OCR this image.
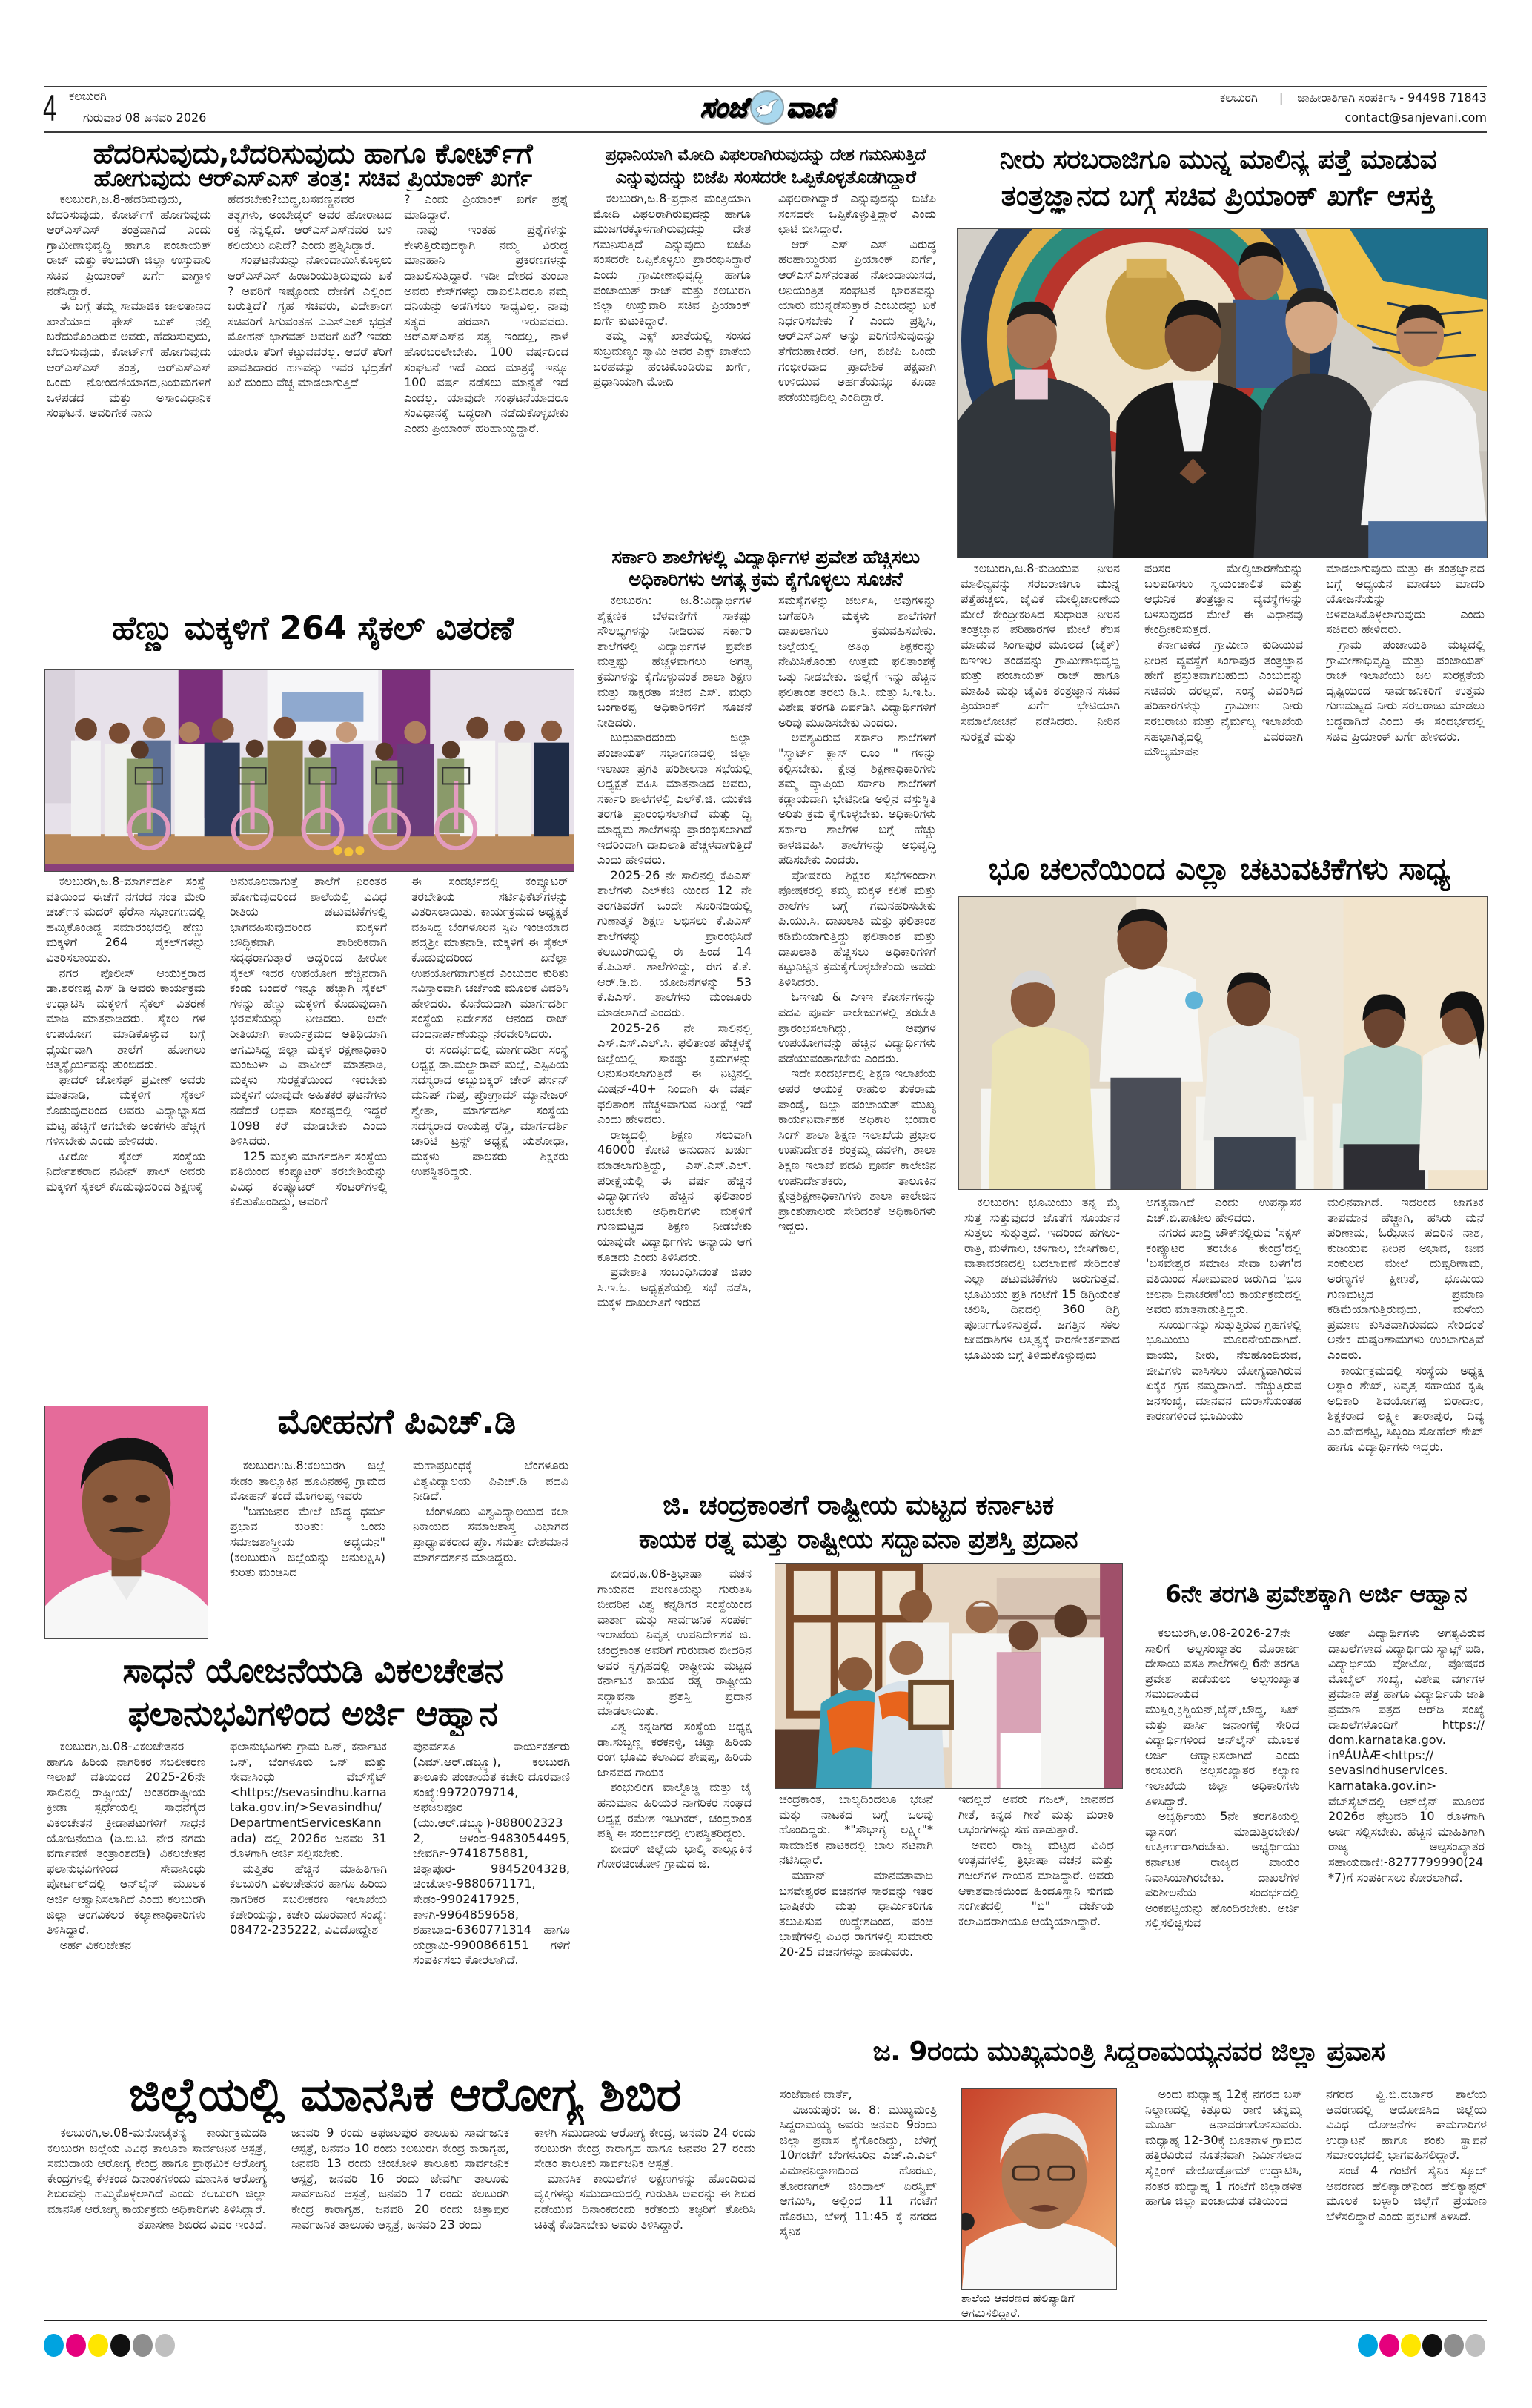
4 ಕಲಬುರಗಿ
ಗುರುವಾರ 08 ಜನವರಿ 2026	ಸಂಜೆ ವಾಣಿ	ಕಲಬುರಗಿ | ಜಾಹೀರಾತಿಗಾಗಿ ಸಂಪರ್ಕಿಸಿ - 94498 71843
contact@sanjevani.com
ಹೆದರಿಸುವುದು,ಬೆದರಿಸುವುದು ಹಾಗೂ ಕೋರ್ಟ್‌ಗೆ
ಹೋಗುವುದು ಆರ್‌ಎಸ್‌ಎಸ್ ತಂತ್ರ: ಸಚಿವ ಪ್ರಿಯಾಂಕ್ ಖರ್ಗೆ

ಕಲಬುರಗಿ,ಜ.8-ಹೆದರಿಸುವುದು, ಬೆದರಿಸುವುದು, ಕೋರ್ಟ್‌ಗೆ ಹೋಗುವುದು ಆರ್‌ಎಸ್‌ಎಸ್ ತಂತ್ರವಾಗಿದೆ ಎಂದು ಗ್ರಾಮೀಣಾಭಿವೃದ್ಧಿ ಹಾಗೂ ಪಂಚಾಯತ್ ರಾಜ್ ಮತ್ತು ಕಲಬುರಗಿ ಜಿಲ್ಲಾ ಉಸ್ತುವಾರಿ ಸಚಿವ ಪ್ರಿಯಾಂಕ್ ಖರ್ಗೆ ವಾಗ್ದಾಳಿ ನಡೆಸಿದ್ದಾರೆ.

ಈ ಬಗ್ಗೆ ತಮ್ಮ ಸಾಮಾಜಿಕ ಜಾಲತಾಣದ ಖಾತೆಯಾದ ಫೇಸ್ ಬುಕ್ ನಲ್ಲಿ ಬರೆದುಕೊಂಡಿರುವ ಅವರು, ಹೆದರಿಸುವುದು, ಬೆದರಿಸುವುದು, ಕೋರ್ಟ್‌ಗೆ ಹೋಗುವುದು ಆರ್‌ಎಸ್‌ಎಸ್ ತಂತ್ರ, ಆರ್‌ಎಸ್‌ಎಸ್ ಒಂದು ನೋಂದಣಿಯಾಗದ,ನಿಯಮಗಳಿಗೆ ಒಳಪಡದ ಮತ್ತು ಅಸಾಂವಿಧಾನಿಕ ಸಂಘಟನೆ. ಅವರಿಗೇಕೆ ನಾನು

ಹೆದರಬೇಕು?ಬುದ್ಧ,ಬಸವಣ್ಣನವರ ತತ್ವಗಳು, ಅಂಬೇಡ್ಕರ್ ಅವರ ಹೋರಾಟದ ರಕ್ತ ನನ್ನಲ್ಲಿದೆ. ಆರ್‌ಎಸ್‌ಎಸ್‌ನವರ ಬಳಿ ಕಲಿಯಲು ಏನಿದೆ? ಎಂದು ಪ್ರಶ್ನಿಸಿದ್ದಾರೆ.

ಸಂಘಟನೆಯನ್ನು ನೋಂದಾಯಿಸಿಕೊಳ್ಳಲು ಆರ್‌ಎಸ್‌ಎಸ್ ಹಿಂಜರಿಯುತ್ತಿರುವುದು ಏಕೆ ? ಅವರಿಗೆ ಇಷ್ಟೊಂದು ದೇಣಿಗೆ ಎಲ್ಲಿಂದ ಬರುತ್ತಿದೆ? ಗೃಹ ಸಚಿವರು, ವಿದೇಶಾಂಗ ಸಚಿವರಿಗೆ ಸಿಗುವಂತಹ ಎಎಸ್‌ಎಲ್ ಭದ್ರತೆ ಮೋಹನ್ ಭಾಗವತ್ ಅವರಿಗೆ ಏಕೆ? ಇವರು ಯಾರೂ ತೆರಿಗೆ ಕಟ್ಟುವವರಲ್ಲ. ಆದರೆ ತೆರಿಗೆ ಪಾವತಿದಾರರ ಹಣವನ್ನು ಇವರ ಭದ್ರತೆಗೆ ಏಕೆ ದುಂದು ವೆಚ್ಚ ಮಾಡಲಾಗುತ್ತಿದೆ

? ಎಂದು ಪ್ರಿಯಾಂಕ್ ಖರ್ಗೆ ಪ್ರಶ್ನೆ ಮಾಡಿದ್ದಾರೆ.

ನಾವು ಇಂತಹ ಪ್ರಶ್ನೆಗಳನ್ನು ಕೇಳುತ್ತಿರುವುದಕ್ಕಾಗಿ ನಮ್ಮ ವಿರುದ್ಧ ಮಾನಹಾನಿ ಪ್ರಕರಣಗಳನ್ನು ದಾಖಲಿಸುತ್ತಿದ್ದಾರೆ. ಇಡೀ ದೇಶದ ತುಂಬಾ ಅವರು ಕೇಸ್‌ಗಳನ್ನು ದಾಖಲಿಸಿದರೂ ನಮ್ಮ ದನಿಯನ್ನು ಅಡಗಿಸಲು ಸಾಧ್ಯವಿಲ್ಲ. ನಾವು ಸತ್ಯದ ಪರವಾಗಿ ಇರುವವರು. ಆರ್‌ಎಸ್‌ಎಸ್‌ನ ಸತ್ಯ ಇಂದಲ್ಲ, ನಾಳೆ ಹೊರಬರಲೇಬೇಕು. 100 ವರ್ಷದಿಂದ ಸಂಘಟನೆ ಇದೆ ಎಂದ ಮಾತ್ರಕ್ಕೆ ಇನ್ನೂ 100 ವರ್ಷ ನಡೆಸಲು ಮಾನ್ಯತೆ ಇದೆ ಎಂದಲ್ಲ. ಯಾವುದೇ ಸಂಘಟನೆಯಾದರೂ ಸಂವಿಧಾನಕ್ಕೆ ಬದ್ಧರಾಗಿ ನಡೆದುಕೊಳ್ಳಬೇಕು ಎಂದು ಪ್ರಿಯಾಂಕ್ ಹರಿಹಾಯ್ದಿದ್ದಾರೆ.

ಪ್ರಧಾನಿಯಾಗಿ ಮೋದಿ ವಿಫಲರಾಗಿರುವುದನ್ನು ದೇಶ ಗಮನಿಸುತ್ತಿದೆ
ಎನ್ನುವುದನ್ನು ಬಿಜೆಪಿ ಸಂಸದರೇ ಒಪ್ಪಿಕೊಳ್ಳತೊಡಗಿದ್ದಾರೆ

ಕಲಬುರಗಿ,ಜ.8-ಪ್ರಧಾನ ಮಂತ್ರಿಯಾಗಿ ಮೋದಿ ವಿಫಲರಾಗಿರುವುದನ್ನು ಹಾಗೂ ಮುಜಗರಕ್ಕೊಳಗಾಗಿರುವುದನ್ನು ದೇಶ ಗಮನಿಸುತ್ತಿದೆ ಎನ್ನುವುದು ಬಿಜೆಪಿ ಸಂಸದರೇ ಒಪ್ಪಿಕೊಳ್ಳಲು ಪ್ರಾರಂಭಿಸಿದ್ದಾರೆ ಎಂದು ಗ್ರಾಮೀಣಾಭಿವೃದ್ಧಿ ಹಾಗೂ ಪಂಚಾಯತ್ ರಾಜ್ ಮತ್ತು ಕಲಬುರಗಿ ಜಿಲ್ಲಾ ಉಸ್ತುವಾರಿ ಸಚಿವ ಪ್ರಿಯಾಂಕ್ ಖರ್ಗೆ ಕುಟುಕಿದ್ದಾರೆ.

ತಮ್ಮ ಎಕ್ಸ್ ಖಾತೆಯಲ್ಲಿ ಸಂಸದ ಸುಬ್ರಮಣ್ಯಂ ಸ್ವಾಮಿ ಅವರ ಎಕ್ಸ್ ಖಾತೆಯ ಬರಹವನ್ನು ಹಂಚಿಕೊಂಡಿರುವ ಖರ್ಗೆ, ಪ್ರಧಾನಿಯಾಗಿ ಮೋದಿ

ವಿಫಲರಾಗಿದ್ದಾರೆ ಎನ್ನುವುದನ್ನು ಬಿಜೆಪಿ ಸಂಸದರೇ ಒಪ್ಪಿಕೊಳ್ಳುತ್ತಿದ್ದಾರೆ ಎಂದು ಛಾಟಿ ಬೀಸಿದ್ದಾರೆ.

ಆರ್ ಎಸ್ ಎಸ್ ವಿರುದ್ಧ ಹರಿಹಾಯ್ದಿರುವ ಪ್ರಿಯಾಂಕ್ ಖರ್ಗೆ, ಆರ್‌ಎಸ್‌ಎಸ್‌ನಂತಹ ನೋಂದಾಯಿಸದ, ಅನಿಯಂತ್ರಿತ ಸಂಘಟನೆ ಭಾರತವನ್ನು ಯಾರು ಮುನ್ನಡೆಸುತ್ತಾರೆ ಎಂಬುದನ್ನು ಏಕೆ ನಿರ್ಧರಿಸಬೇಕು ? ಎಂದು ಪ್ರಶ್ನಿಸಿ, ಆರ್‌ಎಸ್‌ಎಸ್ ಅನ್ನು ಪರಿಗಣಿಸುವುದನ್ನು ತೆಗೆದುಹಾಕಿದರೆ. ಆಗ, ಬಿಜೆಪಿ ಒಂದು ಗಂಭೀರವಾದ ಪ್ರಾದೇಶಿಕ ಪಕ್ಷವಾಗಿ ಉಳಿಯುವ ಅರ್ಹತೆಯನ್ನೂ ಕೂಡಾ ಪಡೆಯುವುದಿಲ್ಲ ಎಂದಿದ್ದಾರೆ.

ಸರ್ಕಾರಿ ಶಾಲೆಗಳಲ್ಲಿ ವಿದ್ಯಾರ್ಥಿಗಳ ಪ್ರವೇಶ ಹೆಚ್ಚಿಸಲು
ಅಧಿಕಾರಿಗಳು ಅಗತ್ಯ ಕ್ರಮ ಕೈಗೊಳ್ಳಲು ಸೂಚನೆ

ಕಲಬುರಗಿ: ಜ.8:ವಿದ್ಯಾರ್ಥಿಗಳ ಶೈಕ್ಷಣಿಕ ಬೆಳವಣಿಗೆಗೆ ಸಾಕಷ್ಟು ಸೌಲಭ್ಯಗಳನ್ನು ನೀಡಿರುವ ಸರ್ಕಾರಿ ಶಾಲೆಗಳಲ್ಲಿ ವಿದ್ಯಾರ್ಥಿಗಳ ಪ್ರವೇಶ ಮತ್ತಷ್ಟು ಹೆಚ್ಚಳವಾಗಲು ಅಗತ್ಯ ಕ್ರಮಗಳನ್ನು ಕೈಗೊಳ್ಳುವಂತೆ ಶಾಲಾ ಶಿಕ್ಷಣ ಮತ್ತು ಸಾಕ್ಷರತಾ ಸಚಿವ ಎಸ್. ಮಧು ಬಂಗಾರಪ್ಪ ಅಧಿಕಾರಿಗಳಿಗೆ ಸೂಚನೆ ನೀಡಿದರು.

ಬುಧುವಾರದಂದು ಜಿಲ್ಲಾ ಪಂಚಾಯತ್ ಸಭಾಂಗಣದಲ್ಲಿ ಜಿಲ್ಲಾ ಇಲಾಖಾ ಪ್ರಗತಿ ಪರಿಶೀಲನಾ ಸಭೆಯಲ್ಲಿ ಅಧ್ಯಕ್ಷತೆ ವಹಿಸಿ ಮಾತನಾಡಿದ ಅವರು, ಸರ್ಕಾರಿ ಶಾಲೆಗಳಲ್ಲಿ ಎಲ್‌ಕೆ.ಜಿ. ಯುಕೆಜಿ ತರಗತಿ ಪ್ರಾರಂಭಿಸಲಾಗಿದೆ ಮತ್ತು ದ್ವಿ ಮಾಧ್ಯಮ ಶಾಲೆಗಳನ್ನು ಪ್ರಾರಂಭಿಸಲಾಗಿದೆ ಇದರಿಂದಾಗಿ ದಾಖಲಾತಿ ಹೆಚ್ಚಳವಾಗುತ್ತಿದೆ ಎಂದು ಹೇಳಿದರು.

2025-26 ನೇ ಸಾಲಿನಲ್ಲಿ ಕೆಪಿಎಸ್ ಶಾಲೆಗಳು ಎಲ್‌ಕೆಜಿ ಯಿಂದ 12 ನೇ ತರಗತಿವರೆಗೆ ಒಂದೇ ಸೂರಿನಡಿಯಲ್ಲಿ ಗುಣಾತ್ಮಕ ಶಿಕ್ಷಣ ಲಭಿಸಲು ಕೆ.ಪಿಎಸ್ ಶಾಲೆಗಳನ್ನು ಪ್ರಾರಂಭಿಸಿದೆ ಕಲಬುರಗಿಯಲ್ಲಿ ಈ ಹಿಂದೆ 14 ಕೆ.ಪಿಎಸ್. ಶಾಲೆಗಳಿದ್ದು, ಈಗ ಕೆ.ಕೆ. ಆರ್.ಡಿ.ಬಿ. ಯೋಜನೆಗಳನ್ನು 53 ಕೆ.ಪಿಎಸ್. ಶಾಲೆಗಳು ಮಂಜೂರು ಮಾಡಲಾಗಿದೆ ಎಂದರು.

2025-26 ನೇ ಸಾಲಿನಲ್ಲಿ ಎಸ್.ಎಸ್.ಎಲ್.ಸಿ. ಫಲಿತಾಂಶ ಹೆಚ್ಚಳಕ್ಕೆ ಜಿಲ್ಲೆಯಲ್ಲಿ ಸಾಕಷ್ಟು ಕ್ರಮಗಳನ್ನು ಅನುಸರಿಸಲಾಗುತ್ತಿದೆ ಈ ನಿಟ್ಟಿನಲ್ಲಿ ಮಿಷನ್-40+ ನಿಂದಾಗಿ ಈ ವರ್ಷ ಫಲಿತಾಂಶ ಹೆಚ್ಚಳವಾಗುವ ನಿರೀಕ್ಷೆ ಇದೆ ಎಂದು ಹೇಳಿದರು.

ರಾಜ್ಯದಲ್ಲಿ ಶಿಕ್ಷಣ ಸಲುವಾಗಿ 46000 ಕೋಟಿ ಅನುದಾನ ಖರ್ಚು ಮಾಡಲಾಗುತ್ತಿದ್ದು, ಎಸ್.ಎಸ್.ಎಲ್. ಪರೀಕ್ಷೆಯಲ್ಲಿ ಈ ವರ್ಷ ಹೆಚ್ಚಿನ ವಿದ್ಯಾರ್ಥಿಗಳು ಹೆಚ್ಚಿನ ಫಲಿತಾಂಶ ಬರಬೇಕು ಅಧಿಕಾರಿಗಳು ಮಕ್ಕಳಿಗೆ ಗುಣಮಟ್ಟದ ಶಿಕ್ಷಣ ನೀಡಬೇಕು ಯಾವುದೇ ವಿದ್ಯಾರ್ಥಿಗಳು ಅನ್ಯಾಯ ಆಗ ಕೂಡದು ಎಂದು ತಿಳಿಸಿದರು.

ಪ್ರವೇಶಾತಿ ಸಂಬಂಧಿಸಿದಂತೆ ಜಿಪಂ ಸಿ.ಇ.ಓ. ಅಧ್ಯಕ್ಷತೆಯಲ್ಲಿ ಸಭೆ ನಡೆಸಿ, ಮಕ್ಕಳ ದಾಖಲಾತಿಗೆ ಇರುವ

ಸಮಸ್ಯೆಗಳನ್ನು ಚರ್ಚಿಸಿ, ಅವುಗಳನ್ನು ಬಗೆಹರಿಸಿ ಮಕ್ಕಳು ಶಾಲೆಗಳಿಗೆ ದಾಖಲಾಗಲು ಕ್ರಮವಹಿಸಬೇಕು. ಜಿಲ್ಲೆಯಲ್ಲಿ ಅತಿಥಿ ಶಿಕ್ಷಕರನ್ನು ನೇಮಿಸಿಕೊಂಡು ಉತ್ತಮ ಫಲಿತಾಂಶಕ್ಕೆ ಒತ್ತು ನೀಡಬೇಕು. ಜಿಲ್ಲೆಗೆ ಇನ್ನು ಹೆಚ್ಚಿನ ಫಲಿತಾಂಶ ತರಲು ಡಿ.ಸಿ. ಮತ್ತು ಸಿ.ಇ.ಓ. ವಿಶೇಷ ತರಗತಿ ಏರ್ಪಡಿಸಿ ವಿದ್ಯಾರ್ಥಿಗಳಿಗೆ ಅರಿವು ಮೂಡಿಸಬೇಕು ಎಂದರು.

ಅವಶ್ಯವಿರುವ ಸರ್ಕಾರಿ ಶಾಲೆಗಳಿಗೆ "ಸ್ಮಾರ್ಟ್ ಕ್ಲಾಸ್ ರೂಂ " ಗಳನ್ನು ಕಲ್ಪಿಸಬೇಕು. ಕ್ಷೇತ್ರ ಶಿಕ್ಷಣಾಧಿಕಾರಿಗಳು ತಮ್ಮ ವ್ಯಾಪ್ತಿಯ ಸರ್ಕಾರಿ ಶಾಲೆಗಳಿಗೆ ಕಡ್ಡಾಯವಾಗಿ ಭೇಟಿನೀಡಿ ಅಲ್ಲಿನ ವಸ್ತುಸ್ಥಿತಿ ಅರಿತು ಕ್ರಮ ಕೈಗೊಳ್ಳಬೇಕು. ಅಧಿಕಾರಿಗಳು ಸರ್ಕಾರಿ ಶಾಲೆಗಳ ಬಗ್ಗೆ ಹೆಚ್ಚು ಕಾಳಜಿವಹಿಸಿ ಶಾಲೆಗಳನ್ನು ಅಭಿವೃದ್ಧಿ ಪಡಿಸಬೇಕು ಎಂದರು.

ಪೋಷಕರು ಶಿಕ್ಷಕರ ಸಭೆಗಳಿಂದಾಗಿ ಪೋಷಕರಲ್ಲಿ ತಮ್ಮ ಮಕ್ಕಳ ಕಲಿಕೆ ಮತ್ತು ಶಾಲೆಗಳ ಬಗ್ಗೆ ಗಮನಹರಿಸಬೇಕು ಪಿ.ಯು.ಸಿ. ದಾಖಲಾತಿ ಮತ್ತು ಫಲಿತಾಂಶ ಕಡಿಮೆಯಾಗುತ್ತಿದ್ದು ಫಲಿತಾಂಶ ಮತ್ತು ದಾಖಲಾತಿ ಹೆಚ್ಚಿಸಲು ಅಧಿಕಾರಿಗಳಿಗೆ ಕಟ್ಟುನಿಟ್ಟಿನ ಕ್ರಮಕೈಗೊಳ್ಳಬೇಕೆಂದು ಅವರು ತಿಳಿಸಿದರು.

ಓಇಇಖಿ & ಎಇಇ ಕೋರ್ಸಗಳನ್ನು ಪದವಿ ಪೂರ್ವ ಕಾಲೇಜುಗಳಲ್ಲಿ ತರಬೇತಿ ಪ್ರಾರಂಭಸಲಾಗಿದ್ದು, ಅವುಗಳ ಉಪಯೋಗವನ್ನು ಹೆಚ್ಚಿನ ವಿದ್ಯಾರ್ಥಿಗಳು ಪಡೆಯುವಂತಾಗಬೇಕು ಎಂದರು.

ಇದೇ ಸಂದರ್ಭದಲ್ಲಿ ಶಿಕ್ಷಣ ಇಲಾಖೆಯ ಅಪರ ಆಯುಕ್ತ ರಾಹುಲ ತುಕರಾಮ ಪಾಂಡ್ವೆ, ಜಿಲ್ಲಾ ಪಂಚಾಯತ್ ಮುಖ್ಯ ಕಾರ್ಯನಿರ್ವಾಹಕ ಅಧಿಕಾರಿ ಭಂವಾರ ಸಿಂಗ್ ಶಾಲಾ ಶಿಕ್ಷಣ ಇಲಾಖೆಯ ಪ್ರಭಾರ ಉಪನಿರ್ದೇಶಕಿ ಶಂಕ್ರಮ್ಮ ಡವಳಗಿ, ಶಾಲಾ ಶಿಕ್ಷಣ ಇಲಾಖೆ ಪದವಿ ಪೂರ್ವ ಕಾಲೇಜಿನ ಉಪನಿರ್ದೇಶಕರು, ತಾಲೂಕಿನ ಕ್ಷೇತ್ರಶಿಕ್ಷಣಾಧಿಕಾಗಿಗಳು ಶಾಲಾ ಕಾಲೇಜಿನ ಪ್ರಾಂಶುಪಾಲರು ಸೇರಿದಂತೆ ಅಧಿಕಾರಿಗಳು ಇದ್ದರು.

ನೀರು ಸರಬರಾಜಿಗೂ ಮುನ್ನ ಮಾಲಿನ್ಯ ಪತ್ತೆ ಮಾಡುವ
ತಂತ್ರಜ್ಞಾನದ ಬಗ್ಗೆ ಸಚಿವ ಪ್ರಿಯಾಂಕ್ ಖರ್ಗೆ ಆಸಕ್ತಿ

ಕಲಬುರಗಿ,ಜ.8-ಕುಡಿಯುವ ನೀರಿನ ಮಾಲಿನ್ಯವನ್ನು ಸರಬರಾಜಿಗೂ ಮುನ್ನ ಪತ್ತೆಹಚ್ಚಲು, ಜೈವಿಕ ಮೇಲ್ವಿಚಾರಣೆಯ ಮೇಲೆ ಕೇಂದ್ರೀಕರಿಸಿದ ಸುಧಾರಿತ ನೀರಿನ ತಂತ್ರಜ್ಞಾನ ಪರಿಹಾರಗಳ ಮೇಲೆ ಕೆಲಸ ಮಾಡುವ ಸಿಂಗಾಪುರ ಮೂಲದ (ಜೈಕ್) ಬಿಇಇಅ ತಂಡವನ್ನು ಗ್ರಾಮೀಣಾಭಿವೃದ್ಧಿ ಮತ್ತು ಪಂಚಾಯತ್ ರಾಜ್ ಹಾಗೂ ಮಾಹಿತಿ ಮತ್ತು ಜೈವಿಕ ತಂತ್ರಜ್ಞಾನ ಸಚಿವ ಪ್ರಿಯಾಂಕ್ ಖರ್ಗೆ ಭೇಟಿಯಾಗಿ ಸಮಾಲೋಚನೆ ನಡೆಸಿದರು. ನೀರಿನ ಸುರಕ್ಷತೆ ಮತ್ತು

ಪರಿಸರ ಮೇಲ್ವಿಚಾರಣೆಯನ್ನು ಬಲಪಡಿಸಲು ಸ್ವಯಂಚಾಲಿತ ಮತ್ತು ಆಧುನಿಕ ತಂತ್ರಜ್ಞಾನ ವ್ಯವಸ್ಥೆಗಳನ್ನು ಬಳಸುವುದರ ಮೇಲೆ ಈ ವಿಧಾನವು ಕೇಂದ್ರೀಕರಿಸುತ್ತದೆ.

ಕರ್ನಾಟಕದ ಗ್ರಾಮೀಣ ಕುಡಿಯುವ ನೀರಿನ ವ್ಯವಸ್ಥೆಗೆ ಸಿಂಗಾಪುರ ತಂತ್ರಜ್ಞಾನ ಹೇಗೆ ಪ್ರಸ್ತುತವಾಗಬಹುದು ಎಂಬುದನ್ನು ಸಚಿವರು ದರಲ್ಲದೆ, ಸಂಸ್ಥೆ ವಿವರಿಸಿದ ಪರಿಹಾರಗಳನ್ನು ಗ್ರಾಮೀಣ ನೀರು ಸರಬರಾಜು ಮತ್ತು ನೈರ್ಮಲ್ಯ ಇಲಾಖೆಯ ಸಹಭಾಗಿತ್ವದಲ್ಲಿ ವಿವರವಾಗಿ ಮೌಲ್ಯಮಾಪನ

ಮಾಡಲಾಗುವುದು ಮತ್ತು ಈ ತಂತ್ರಜ್ಞಾನದ ಬಗ್ಗೆ ಅಧ್ಯಯನ ಮಾಡಲು ಮಾದರಿ ಯೋಜನೆಯನ್ನು ಅಳವಡಿಸಿಕೊಳ್ಳಲಾಗುವುದು ಎಂದು ಸಚಿವರು ಹೇಳಿದರು.

ಗ್ರಾಮ ಪಂಚಾಯತಿ ಮಟ್ಟದಲ್ಲಿ ಗ್ರಾಮೀಣಾಭಿವೃದ್ಧಿ ಮತ್ತು ಪಂಚಾಯತ್ ರಾಜ್ ಇಲಾಖೆಯು ಜಲ ಸುರಕ್ಷತೆಯ ದೃಷ್ಟಿಯಿಂದ ಸಾರ್ವಜನಿಕರಿಗೆ ಉತ್ತಮ ಗುಣಮಟ್ಟದ ನೀರು ಸರಬರಾಜು ಮಾಡಲು ಬದ್ಧವಾಗಿದೆ ಎಂದು ಈ ಸಂದರ್ಭದಲ್ಲಿ ಸಚಿವ ಪ್ರಿಯಾಂಕ್ ಖರ್ಗೆ ಹೇಳಿದರು.

ಭೂ ಚಲನೆಯಿಂದ ಎಲ್ಲಾ ಚಟುವಟಿಕೆಗಳು ಸಾಧ್ಯ

ಕಲಬುರಗಿ: ಭೂಮಿಯು ತನ್ನ ಮೈ ಸುತ್ತ ಸುತ್ತುವುದರ ಜೊತೆಗೆ ಸೂರ್ಯನ ಸುತ್ತಲು ಸುತ್ತುತ್ತದೆ. ಇದರಿಂದ ಹಗಲು-ರಾತ್ರಿ, ಮಳೆಗಾಲ, ಚಳಿಗಾಲ, ಬೇಸಿಗೆಕಾಲ, ವಾತಾವರಣದಲ್ಲಿ ಬದಲಾವಣೆ ಸೇರಿದಂತೆ ಎಲ್ಲಾ ಚಟುವಟಿಕೆಗಳು ಜರುಗುತ್ತವೆ. ಭೂಮಿಯು ಪ್ರತಿ ಗಂಟೆಗೆ 15 ಡಿಗ್ರಿಯಂತೆ ಚಲಿಸಿ, ದಿನದಲ್ಲಿ 360 ಡಿಗ್ರಿ ಪೂರ್ಣಗೊಳಿಸುತ್ತದೆ. ಜಗತ್ತಿನ ಸಕಲ ಜೀವರಾಶಿಗಳ ಅಸ್ತಿತ್ವಕ್ಕೆ ಕಾರಣೀಕರ್ತವಾದ ಭೂಮಿಯ ಬಗ್ಗೆ ತಿಳಿದುಕೊಳ್ಳುವುದು

ಅಗತ್ಯವಾಗಿದೆ ಎಂದು ಉಪನ್ಯಾಸಕ ಎಚ್.ಬಿ.ಪಾಟೀಲ ಹೇಳಿದರು.

ನಗರದ ಖಾದ್ರಿ ಚೌಕ್‌ನಲ್ಲಿರುವ 'ಸಕ್ಸಸ್ ಕಂಪ್ಯೂಟರ ತರಬೇತಿ ಕೇಂದ್ರ'ದಲ್ಲಿ 'ಬಸವೇಶ್ವರ ಸಮಾಜ ಸೇವಾ ಬಳಗ'ದ ವತಿಯಿಂದ ಸೋಮವಾರ ಜರುಗಿದ 'ಭೂ ಚಲನಾ ದಿನಾಚರಣೆ'ಯ ಕಾರ್ಯಕ್ರಮದಲ್ಲಿ ಅವರು ಮಾತನಾಡುತ್ತಿದ್ದರು.

ಸೂರ್ಯನನ್ನು ಸುತ್ತುತ್ತಿರುವ ಗ್ರಹಗಳಲ್ಲಿ ಭೂಮಿಯು ಮೂರನೇಯದಾಗಿದೆ. ವಾಯು, ನೀರು, ನೆಲಹೊಂದಿರುವ, ಜೀವಿಗಳು ವಾಸಿಸಲು ಯೋಗ್ಯವಾಗಿರುವ ಏಕೈಕ ಗ್ರಹ ನಮ್ಮದಾಗಿದೆ. ಹೆಚ್ಚುತ್ತಿರುವ ಜನಸಂಖ್ಯೆ, ಮಾನವನ ದುರಾಸೆಯಂತಹ ಕಾರಣಗಳಿಂದ ಭೂಮಿಯು

ಮಲಿನವಾಗಿದೆ. ಇದರಿಂದ ಜಾಗತಿಕ ತಾಪಮಾನ ಹೆಚ್ಚಾಗಿ, ಹಸಿರು ಮನೆ ಪರಿಣಾಮ, ಓಝೋನ ಪದರಿನ ನಾಶ, ಕುಡಿಯುವ ನೀರಿನ ಅಭಾವ, ಜೀವ ಸಂಕುಲದ ಮೇಲೆ ದುಷ್ಪರಿಣಾಮ, ಅರಣ್ಯಗಳ ಕ್ಷೀಣತೆ, ಭೂಮಿಯ ಗುಣಮಟ್ಟದ ಪ್ರಮಾಣ ಕಡಿಮೆಯಾಗುತ್ತಿರುವುದು, ಮಳೆಯ ಪ್ರಮಾಣ ಕುಸಿತವಾಗಿರುವದು ಸೇರಿದಂತೆ ಅನೇಕ ದುಷ್ಪರಿಣಾಮಗಳು ಉಂಟಾಗುತ್ತಿವೆ ಎಂದರು.

ಕಾರ್ಯಕ್ರಮದಲ್ಲಿ ಸಂಸ್ಥೆಯ ಅಧ್ಯಕ್ಷ ಅಸ್ಲಾಂ ಶೇಖ್, ನಿವೃತ್ತ ಸಹಾಯಕ ಕೃಷಿ ಅಧಿಕಾರಿ ಶಿವಯೋಗಪ್ಪ ಬಿರಾದಾರ, ಶಿಕ್ಷಕರಾದ ಲಕ್ಷ್ಮೀ ತಾರಾಪುರ, ದಿವ್ಯ ಎಂ.ವೇದಶೆಟ್ಟಿ, ಸಿಬ್ಬಂದಿ ಸೋಹೆಲ್ ಶೇಖ್ ಹಾಗೂ ವಿದ್ಯಾರ್ಥಿಗಳು ಇದ್ದರು.

ಹೆಣ್ಣು ಮಕ್ಕಳಿಗೆ 264 ಸೈಕಲ್ ವಿತರಣೆ

ಕಲಬುರಗಿ,ಜ.8-ಮಾರ್ಗದರ್ಶಿ ಸಂಸ್ಥೆ ವತಿಯಿಂದ ಈಚೆಗೆ ನಗರದ ಸಂತ ಮೇರಿ ಚರ್ಚ್‌ನ ಮದರ್ ಥೆರೆಸಾ ಸಭಾಂಗಣದಲ್ಲಿ ಹಮ್ಮಿಕೊಂಡಿದ್ದ ಸಮಾರಂಭದಲ್ಲಿ ಹೆಣ್ಣು ಮಕ್ಕಳಿಗೆ 264 ಸೈಕಲ್‌ಗಳನ್ನು ವಿತರಿಸಲಾಯಿತು.

ನಗರ ಪೊಲೀಸ್ ಆಯುಕ್ತರಾದ ಡಾ.ಶರಣಪ್ಪ ಎಸ್ ಡಿ ಅವರು ಕಾರ್ಯಕ್ರಮ ಉದ್ಘಾಟಿಸಿ ಮಕ್ಕಳಿಗೆ ಸೈಕಲ್ ವಿತರಣೆ ಮಾಡಿ ಮಾತನಾಡಿದರು. ಸೈಕಲ ಗಳ ಉಪಯೋಗ ಮಾಡಿಕೊಳ್ಳುವ ಬಗ್ಗೆ ಧೈರ್ಯವಾಗಿ ಶಾಲೆಗೆ ಹೋಗಲು ಆತ್ಮಸ್ಥೈರ್ಯವನ್ನು ತುಂಬಿದರು.

ಫಾದರ್ ಜೋಸೆಫ್ ಪ್ರವೀಣ್ ಅವರು ಮಾತನಾಡಿ, ಮಕ್ಕಳಿಗೆ ಸೈಕಲ್ ಕೊಡುವುದರಿಂದ ಅವರು ವಿದ್ಯಾಭ್ಯಾಸದ ಮಟ್ಟ ಹೆಚ್ಚಿಗೆ ಆಗಬೇಕು ಅಂಕಗಳು ಹೆಚ್ಚಿಗೆ ಗಳಿಸಬೇಕು ಎಂದು ಹೇಳಿದರು.

ಹೀರೋ ಸೈಕಲ್ ಸಂಸ್ಥೆಯ ನಿರ್ದೇಶಕರಾದ ನವೀನ್ ಪಾಲ್ ಅವರು ಮಕ್ಕಳಿಗೆ ಸೈಕಲ್ ಕೊಡುವುದರಿಂದ ಶಿಕ್ಷಣಕ್ಕೆ

ಅನುಕೂಲವಾಗುತ್ತೆ ಶಾಲೆಗೆ ನಿರಂತರ ಹೋಗುವುದರಿಂದ ಶಾಲೆಯಲ್ಲಿ ವಿವಿಧ ರೀತಿಯ ಚಟುವಟಿಕೆಗಳಲ್ಲಿ ಭಾಗವಹಿಸುವುದರಿಂದ ಮಕ್ಕಳಿಗೆ ಬೌದ್ಧಿಕವಾಗಿ ಶಾರೀರಿಕವಾಗಿ ಸದೃಢರಾಗುತ್ತಾರೆ ಆದ್ದರಿಂದ ಹೀರೋ ಸೈಕಲ್ ಇದರ ಉಪಯೋಗ ಹೆಚ್ಚಿನದಾಗಿ ಕಂಡು ಬಂದರೆ ಇನ್ನೂ ಹೆಚ್ಚಾಗಿ ಸೈಕಲ್ ಗಳನ್ನು ಹೆಣ್ಣು ಮಕ್ಕಳಿಗೆ ಕೊಡುವುದಾಗಿ ಭರವಸೆಯನ್ನು ನೀಡಿದರು. ಅದೇ ರೀತಿಯಾಗಿ ಕಾರ್ಯಕ್ರಮದ ಅತಿಥಿಯಾಗಿ ಆಗಮಿಸಿದ್ದ ಜಿಲ್ಲಾ ಮಕ್ಕಳ ರಕ್ಷಣಾಧಿಕಾರಿ ಮಂಜುಳಾ ವಿ ಪಾಟೀಲ್ ಮಾತನಾಡಿ, ಮಕ್ಕಳು ಸುರಕ್ಷತೆಯಿಂದ ಇರಬೇಕು ಮಕ್ಕಳಿಗೆ ಯಾವುದೇ ಅಹಿತಕರ ಘಟನೆಗಳು ನಡೆದರೆ ಅಥವಾ ಸಂಕಷ್ಟದಲ್ಲಿ ಇದ್ದರೆ 1098 ಕರೆ ಮಾಡಬೇಕು ಎಂದು ತಿಳಿಸಿದರು.

125 ಮಕ್ಕಳು ಮಾರ್ಗದರ್ಶಿ ಸಂಸ್ಥೆಯ ವತಿಯಿಂದ ಕಂಪ್ಯೂಟರ್ ತರಬೇತಿಯನ್ನು ವಿವಿಧ ಕಂಪ್ಯೂಟರ್ ಸೆಂಟರ್‌ಗಳಲ್ಲಿ ಕಲಿತುಕೊಂಡಿದ್ದು, ಅವರಿಗೆ

ಈ ಸಂದರ್ಭದಲ್ಲಿ ಕಂಪ್ಯೂಟರ್ ತರಬೇತಿಯ ಸರ್ಟಿಫಿಕೆಟ್‌ಗಳನ್ನು ವಿತರಿಸಲಾಯಿತು. ಕಾರ್ಯಕ್ರಮದ ಅಧ್ಯಕ್ಷತೆ ವಹಿಸಿದ್ದ ಬೆಂಗಳೂರಿನ ಸ್ಪಿಪಿ ಇಂಡಿಯಾದ ಪದ್ಮಶ್ರೀ ಮಾತನಾಡಿ, ಮಕ್ಕಳಿಗೆ ಈ ಸೈಕಲ್ ಕೊಡುವುದರಿಂದ ಏನೆಲ್ಲಾ ಉಪಯೋಗವಾಗುತ್ತದೆ ಎಂಬುದರ ಕುರಿತು ಸವಿಸ್ತಾರವಾಗಿ ಚರ್ಚೆಯ ಮೂಲಕ ವಿವರಿಸಿ ಹೇಳಿದರು. ಕೊನೆಯದಾಗಿ ಮಾರ್ಗದರ್ಶಿ ಸಂಸ್ಥೆಯ ನಿರ್ದೇಶಕ ಆನಂದ ರಾಜ್ ವಂದನಾರ್ಪಣೆಯನ್ನು ನೆರವೇರಿಸಿದರು.

ಈ ಸಂದರ್ಭದಲ್ಲಿ ಮಾರ್ಗದರ್ಶಿ ಸಂಸ್ಥೆ ಅಧ್ಯಕ್ಷ ಡಾ.ಮಲ್ಹಾರಾವ್ ಮಲ್ಲೆ, ಎಸ್ಪಿಪಿಯ ಸದಸ್ಯರಾದ ಅಬ್ಬುಬಕ್ಕರ್ ಚೇರ್ ಪರ್ಸನ್ ಮನಿಷ್ ಗುಪ್ತ, ಪ್ರೋಗ್ರಾಮ್ ಮ್ಯಾನೇಜರ್ ಶ್ವೇತಾ, ಮಾರ್ಗದರ್ಶಿ ಸಂಸ್ಥೆಯ ಸದಸ್ಯರಾದ ರಾಯಪ್ಪ ರೆಡ್ಡಿ, ಮಾರ್ಗದರ್ಶಿ ಚಾರಿಟಿ ಟ್ರಸ್ಟ್ ಅಧ್ಯಕ್ಷೆ ಯಶೋಧಾ, ಮಕ್ಕಳು ಪಾಲಕರು ಶಿಕ್ಷಕರು ಉಪಸ್ಥಿತರಿದ್ದರು.

ಮೋಹನಗೆ ಪಿಎಚ್.ಡಿ

ಕಲಬುರಗಿ:ಜ.8:ಕಲಬುರಗಿ ಜಿಲ್ಲೆ ಸೇಡಂ ತಾಲ್ಲೂಕಿನ ಹೂವಿನಹಳ್ಳಿ ಗ್ರಾಮದ ಮೋಹನ್ ತಂದೆ ಮೊಗಲಪ್ಪ ಇವರು

"ಬಹುಜನರ ಮೇಲೆ ಬೌದ್ಧ ಧರ್ಮ ಪ್ರಭಾವ ಕುರಿತು: ಒಂದು ಸಮಾಜಶಾಸ್ತ್ರೀಯ ಅಧ್ಯಯನ" (ಕಲಬುರುಗಿ ಜಿಲ್ಲೆಯನ್ನು ಅನುಲಕ್ಷಿಸಿ) ಕುರಿತು ಮಂಡಿಸಿದ

ಮಹಾಪ್ರಬಂಧಕ್ಕೆ ಬೆಂಗಳೂರು ವಿಶ್ವವಿದ್ಯಾಲಯ ಪಿಎಚ್.ಡಿ ಪದವಿ ನೀಡಿದೆ.

ಬೆಂಗಳೂರು ವಿಶ್ವವಿದ್ಯಾಲಯದ ಕಲಾ ನಿಕಾಯದ ಸಮಾಜಶಾಸ್ತ್ರ ವಿಭಾಗದ ಪ್ರಾಧ್ಯಾಪಕರಾದ ಪ್ರೊ. ಸಮತಾ ದೇಶಮಾನೆ ಮಾರ್ಗದರ್ಶನ ಮಾಡಿದ್ದರು.

ಸಾಧನೆ ಯೋಜನೆಯಡಿ ವಿಕಲಚೇತನ
ಫಲಾನುಭವಿಗಳಿಂದ ಅರ್ಜಿ ಆಹ್ವಾನ

ಕಲಬುರಗಿ,ಜ.08-ವಿಕಲಚೇತನರ ಹಾಗೂ ಹಿರಿಯ ನಾಗರಿಕರ ಸಬಲೀಕರಣ ಇಲಾಖೆ ವತಿಯಿಂದ 2025-26ನೇ ಸಾಲಿನಲ್ಲಿ ರಾಷ್ಟ್ರೀಯ/ ಅಂತರರಾಷ್ಟ್ರೀಯ ಕ್ರೀಡಾ ಸ್ಪರ್ಧೆಯಲ್ಲಿ ಸಾಧನೆಗೈದ ವಿಕಲಚೇತನ ಕ್ರೀಡಾಪಟುಗಳಿಗೆ ಸಾಧನೆ ಯೋಜನೆಯಡಿ (ಡಿ.ಬಿ.ಟಿ. ನೇರ ನಗದು ವರ್ಗಾವಣೆ ತಂತ್ರಾಂಶದಡಿ) ವಿಕಲಚೇತನ ಫಲಾನುಭವಿಗಳಿಂದ ಸೇವಾಸಿಂಧು ಪೋರ್ಟಲ್‌ದಲ್ಲಿ ಆನ್‌ಲೈನ್ ಮೂಲಕ ಅರ್ಜಿ ಆಹ್ವಾನಿಸಲಾಗಿದೆ ಎಂದು ಕಲಬುರಗಿ ಜಿಲ್ಲಾ ಅಂಗವಿಕಲರ ಕಲ್ಯಾಣಾಧಿಕಾರಿಗಳು ತಿಳಿಸಿದ್ದಾರೆ.

ಅರ್ಹ ವಿಕಲಚೇತನ

ಫಲಾನುಭವಿಗಳು ಗ್ರಾಮ ಒನ್, ಕರ್ನಾಟಕ ಒನ್, ಬೆಂಗಳೂರು ಒನ್ ಮತ್ತು ಸೇವಾಸಿಂಧು ವೆಬ್‌ಸೈಟ್ <https://sevasindhu.karnataka.gov.in/>Sevasindhu/DepartmentServicesKannada) ದಲ್ಲಿ 2026ರ ಜನವರಿ 31 ರೊಳಗಾಗಿ ಅರ್ಜಿ ಸಲ್ಲಿಸಬೇಕು.

ಮತ್ತಿತರ ಹೆಚ್ಚಿನ ಮಾಹಿತಿಗಾಗಿ ಕಲಬುರಗಿ ವಿಕಲಚೇತನರ ಹಾಗೂ ಹಿರಿಯ ನಾಗರಿಕರ ಸಬಲೀಕರಣ ಇಲಾಖೆಯ ಕಚೇರಿಯನ್ನು, ಕಚೇರಿ ದೂರವಾಣಿ ಸಂಖ್ಯೆ: 08472-235222, ವಿವಿದೋದ್ದೇಶ

ಪುನರ್ವಸತಿ ಕಾರ್ಯಕರ್ತರು (ಎಮ್.ಆರ್.ಡಬ್ಲ್ಯೂ), ಕಲಬುರಗಿ ತಾಲೂಕು ಪಂಚಾಯತ ಕಚೇರಿ ದೂರವಾಣಿ ಸಂಖ್ಯೆ:9972079714, ಅಫಜಲಪೂರ (ಯು.ಆರ್.ಡಬ್ಲ್ಯೂ)-8880023232, ಆಳಂದ-9483054495, ಜೇವರ್ಗಿ-9741875881, ಚಿತ್ತಾಪೂರ- 9845204328, ಚಿಂಚೋಳಿ-9880671171, ಸೇಡಂ-9902417925, ಕಾಳಗಿ-9964859658, ಶಹಾಬಾದ-6360771314 ಹಾಗೂ ಯಡ್ರಾಮಿ-9900866151 ಗಳಿಗೆ ಸಂಪರ್ಕಿಸಲು ಕೋರಲಾಗಿದೆ.

ಜಿ. ಚಂದ್ರಕಾಂತಗೆ ರಾಷ್ಟ್ರೀಯ ಮಟ್ಟದ ಕರ್ನಾಟಕ
ಕಾಯಕ ರತ್ನ ಮತ್ತು ರಾಷ್ಟ್ರೀಯ ಸದ್ಭಾವನಾ ಪ್ರಶಸ್ತಿ ಪ್ರದಾನ

ಬೀದರ,ಜ.08-ತ್ರಿಭಾಷಾ ವಚನ ಗಾಯನದ ಪರಿಣತಿಯನ್ನು ಗುರುತಿಸಿ ಬೀದರಿನ ವಿಶ್ವ ಕನ್ನಡಿಗರ ಸಂಸ್ಥೆಯಿಂದ ವಾರ್ತಾ ಮತ್ತು ಸಾರ್ವಜನಿಕ ಸಂಪರ್ಕ ಇಲಾಖೆಯ ನಿವೃತ್ತ ಉಪನಿರ್ದೇಶಕ ಜಿ. ಚಂದ್ರಕಾಂತ ಅವರಿಗೆ ಗುರುವಾರ ಬೀದರಿನ ಅವರ ಸ್ವಗೃಹದಲ್ಲಿ ರಾಷ್ಟ್ರೀಯ ಮಟ್ಟದ ಕರ್ನಾಟಕ ಕಾಯಕ ರತ್ನ ರಾಷ್ಟ್ರೀಯ ಸದ್ಭಾವನಾ ಪ್ರಶಸ್ತಿ ಪ್ರದಾನ ಮಾಡಲಾಯಿತು.

ವಿಶ್ವ ಕನ್ನಡಿಗರ ಸಂಸ್ಥೆಯ ಅಧ್ಯಕ್ಷ ಡಾ.ಸುಬ್ಬಣ್ಣ ಕರಕನಳ್ಳಿ, ಚಿಟ್ಟಾ ಹಿರಿಯ ರಂಗ ಭೂಮಿ ಕಲಾವಿದ ಶೇಷಪ್ಪ, ಹಿರಿಯ ಜಾನಪದ ಗಾಯಕ

ಶಂಭುಲಿಂಗ ವಾಲ್ದೊಡ್ಡಿ ಮತ್ತು ಜೈ ಹನುಮಾನ ಹಿರಿಯರ ನಾಗರಿಕರ ಸಂಘದ ಅಧ್ಯಕ್ಷ ರಮೇಶ ಇಟಗಿಕರ್, ಚಂದ್ರಕಾಂತ ಪತ್ನಿ ಈ ಸಂದರ್ಭದಲ್ಲಿ ಉಪಸ್ಥಿತರಿದ್ದರು.

ಬೀದರ್ ಜಿಲ್ಲೆಯ ಭಾಲ್ಕಿ ತಾಲ್ಲೂಕಿನ ಗೋರಚಿಂಚೋಳಿ ಗ್ರಾಮದ ಜಿ.

ಚಂದ್ರಕಾಂತ, ಬಾಲ್ಯದಿಂದಲೂ ಭಜನೆ ಮತ್ತು ನಾಟಕದ ಬಗ್ಗೆ ಒಲವು ಹೊಂದಿದ್ದರು. *"ಸೌಭಾಗ್ಯ ಲಕ್ಷ್ಮೀ"* ಸಾಮಾಜಿಕ ನಾಟಕದಲ್ಲಿ ಬಾಲ ನಟನಾಗಿ ನಟಿಸಿದ್ದಾರೆ.

ಮಹಾನ್ ಮಾನವತಾವಾದಿ ಬಸವೇಶ್ವರರ ವಚನಗಳ ಸಾರವನ್ನು ಇತರ ಭಾಷಿಕರು ಮತ್ತು ಧಾರ್ಮಿಕರಿಗೂ ತಲುಪಿಸುವ ಉದ್ದೇಶದಿಂದ, ಪಂಚ ಭಾಷೆಗಳಲ್ಲಿ ವಿವಿಧ ರಾಗಗಳಲ್ಲಿ ಸುಮಾರು 20-25 ವಚನಗಳನ್ನು ಹಾಡುವರು.

ಇದಲ್ಲದೆ ಅವರು ಗಜಲ್, ಜಾನಪದ ಗೀತೆ, ಕನ್ನಡ ಗೀತೆ ಮತ್ತು ಮರಾಠಿ ಅಭಂಗಗಳನ್ನು ಸಹ ಹಾಡುತ್ತಾರೆ.

ಅವರು ರಾಜ್ಯ ಮಟ್ಟದ ವಿವಿಧ ಉತ್ಸವಗಳಲ್ಲಿ ತ್ರಿಭಾಷಾ ವಚನ ಮತ್ತು ಗಜಲ್‌ಗಳ ಗಾಯನ ಮಾಡಿದ್ದಾರೆ. ಅವರು ಆಕಾಶವಾಣಿಯಿಂದ ಹಿಂದೂಸ್ತಾನಿ ಸುಗಮ ಸಂಗೀತದಲ್ಲಿ "ಬಿ" ದರ್ಜೆಯ ಕಲಾವಿದರಾಗಿಯೂ ಆಯ್ಕೆಯಾಗಿದ್ದಾರೆ.

6ನೇ ತರಗತಿ ಪ್ರವೇಶಕ್ಕಾಗಿ ಅರ್ಜಿ ಆಹ್ವಾನ

ಕಲಬುರಗಿ,ಅ.08-2026-27ನೇ ಸಾಲಿಗೆ ಅಲ್ಪಸಂಖ್ಯಾತರ ಮೊರಾರ್ಜಿ ದೇಸಾಯಿ ವಸತಿ ಶಾಲೆಗಳಲ್ಲಿ 6ನೇ ತರಗತಿ ಪ್ರವೇಶ ಪಡೆಯಲು ಅಲ್ಪಸಂಖ್ಯಾತ ಸಮುದಾಯದ ಮುಸ್ಲಿಂ,ಕ್ರಿಶ್ಚಿಯನ್,ಜೈನ್,ಬೌದ್ಧ, ಸಿಖ್ ಮತ್ತು ಪಾರ್ಸಿ ಜನಾಂಗಕ್ಕೆ ಸೇರಿದ ವಿದ್ಯಾರ್ಥಿಗಳಿಂದ ಆನ್‌ಲೈನ್ ಮೂಲಕ ಅರ್ಜಿ ಆಹ್ವಾನಿಸಲಾಗಿದೆ ಎಂದು ಕಲಬುರಗಿ ಅಲ್ಪಸಂಖ್ಯಾತರ ಕಲ್ಯಾಣ ಇಲಾಖೆಯ ಜಿಲ್ಲಾ ಅಧಿಕಾರಿಗಳು ತಿಳಿಸಿದ್ದಾರೆ.

ಅಭ್ಯರ್ಥಿಯು 5ನೇ ತರಗತಿಯಲ್ಲಿ ವ್ಯಾಸಂಗ ಮಾಡುತ್ತಿರಬೇಕು/ ಉತ್ತೀರ್ಣರಾಗಿರಬೇಕು. ಅಭ್ಯರ್ಥಿಯು ಕರ್ನಾಟಕ ರಾಜ್ಯದ ಖಾಯಂ ನಿವಾಸಿಯಾಗಿರಬೇಕು. ದಾಖಲೆಗಳ ಪರಿಶೀಲನೆಯ ಸಂದರ್ಭದಲ್ಲಿ ಅಂಕಪಟ್ಟಿಯನ್ನು ಹೊಂದಿರಬೇಕು. ಅರ್ಜಿ ಸಲ್ಲಿಸಲಿಚ್ಛಿಸುವ

ಅರ್ಹ ವಿದ್ಯಾರ್ಥಿಗಳು ಅಗತ್ಯವಿರುವ ದಾಖಲೆಗಳಾದ ವಿದ್ಯಾರ್ಥಿಯ ಸ್ಯಾಟ್ಸ್ ಐಡಿ, ವಿದ್ಯಾರ್ಥಿಯ ಪೋಟೋ, ಪೋಷಕರ ಮೊಬೈಲ್ ಸಂಖ್ಯೆ, ವಿಶೇಷ ವರ್ಗಗಳ ಪ್ರಮಾಣ ಪತ್ರ ಹಾಗೂ ವಿದ್ಯಾರ್ಥಿಯ ಜಾತಿ ಪ್ರಮಾಣ ಪತ್ರದ ಆರ್‌ಡಿ ಸಂಖ್ಯೆ ದಾಖಲೆಗಳೊಂದಿಗೆ https:// dom.karnataka.gov. inºÁUÀÆ<https:// sevasindhuservices. karnataka.gov.in> ವೆಬ್‌ಸೈಟ್‌ದಲ್ಲಿ ಆನ್‌ಲೈನ್ ಮೂಲಕ 2026ರ ಫೆಬ್ರವರಿ 10 ರೊಳಗಾಗಿ ಅರ್ಜಿ ಸಲ್ಲಿಸಬೇಕು. ಹೆಚ್ಚಿನ ಮಾಹಿತಿಗಾಗಿ ರಾಜ್ಯ ಅಲ್ಪಸಂಖ್ಯಾತರ ಸಹಾಯವಾಣಿ:-8277799990(24*7)ಗೆ ಸಂಪರ್ಕಿಸಲು ಕೋರಲಾಗಿದೆ.

ಜ. 9ರಂದು ಮುಖ್ಯಮಂತ್ರಿ ಸಿದ್ದರಾಮಯ್ಯನವರ ಜಿಲ್ಲಾ ಪ್ರವಾಸ

ಸಂಜೆವಾಣಿ ವಾರ್ತೆ,

ವಿಜಯಪುರ: ಜ. 8: ಮುಖ್ಯಮಂತ್ರಿ ಸಿದ್ದರಾಮಯ್ಯ ಅವರು ಜನವರಿ 9ರಂದು ಜಿಲ್ಲಾ ಪ್ರವಾಸ ಕೈಗೊಂಡಿದ್ದು, ಬೆಳಿಗ್ಗೆ 10ಗಂಟೆಗೆ ಬೆಂಗಳೂರಿನ ಎಚ್.ಎ.ಎಲ್ ವಿಮಾನನಿಲ್ದಾಣದಿಂದ ಹೊರಟು, ತೋರಣಗಲ್ ಜಿಂದಾಲ್ ಏರಸ್ಟ್ರಿಪ್ ಆಗಮಿಸಿ, ಅಲ್ಲಿಂದ 11 ಗಂಟೆಗೆ ಹೊರಟು, ಬೆಳಿಗ್ಗೆ 11:45 ಕ್ಕೆ ನಗರದ ಸೈನಿಕ

ಶಾಲೆಯ ಆವರಣದ ಹೆಲಿಪ್ಯಾಡಿಗೆ ಆಗಮಿಸಲಿದ್ದಾರೆ.

ಅಂದು ಮಧ್ಯಾಹ್ನ 12ಕ್ಕೆ ನಗರದ ಬಸ್ ನಿಲ್ದಾಣದಲ್ಲಿ ಕಿತ್ತೂರು ರಾಣಿ ಚನ್ನಮ್ಮ ಮೂರ್ತಿ ಅನಾವರಣಗೊಳಿಸುವರು. ಮಧ್ಯಾಹ್ನ 12-30ಕ್ಕೆ ಬೂತನಾಳ ಗ್ರಾಮದ ಹತ್ತಿರವಿರುವ ನೂತನವಾಗಿ ನಿರ್ಮಿಸಲಾದ ಸೈಕ್ಲಿಂಗ್ ವೇಲೋಡ್ರೋಮ್ ಉದ್ಘಾಟಿಸಿ, ನಂತರ ಮಧ್ಯಾಹ್ನ 1 ಗಂಟೆಗೆ ಜಿಲ್ಲಾಡಳಿತ ಹಾಗೂ ಜಿಲ್ಲಾ ಪಂಚಾಯತ ವತಿಯಿಂದ

ನಗರದ ವ್ಹಿ.ಬಿ.ದರ್ಬಾರ ಶಾಲೆಯ ಆವರಣದಲ್ಲಿ ಆಯೋಜಿಸಿದ ಜಿಲ್ಲೆಯ ವಿವಿಧ ಯೋಜನೆಗಳ ಕಾಮಗಾರಿಗಳ ಉದ್ಘಾಟನೆ ಹಾಗೂ ಶಂಕು ಸ್ಥಾಪನೆ ಸಮಾರಂಭದಲ್ಲಿ ಭಾಗವಹಿಸಲಿದ್ದಾರೆ.

ಸಂಜೆ 4 ಗಂಟೆಗೆ ಸೈನಿಕ ಸ್ಕೂಲ್ ಆವರಣದ ಹೆಲಿಪ್ಯಾಡ್‌ನಿಂದ ಹೆಲಿಕ್ಯಾಪ್ಟರ್ ಮೂಲಕ ಬಳ್ಳಾರಿ ಜಿಲ್ಲೆಗೆ ಪ್ರಯಾಣ ಬೆಳೆಸಲಿದ್ದಾರೆ ಎಂದು ಪ್ರಕಟಣೆ ತಿಳಿಸಿದೆ.

ಜಿಲ್ಲೆಯಲ್ಲಿ ಮಾನಸಿಕ ಆರೋಗ್ಯ ಶಿಬಿರ

ಕಲಬುರಗಿ,ಅ.08-ಮನೋಚೈತನ್ಯ ಕಾರ್ಯಕ್ರಮದಡಿ ಕಲಬುರಗಿ ಜಿಲ್ಲೆಯ ವಿವಿಧ ತಾಲೂಕಾ ಸಾರ್ವಜನಿಕ ಆಸ್ಪತ್ರೆ, ಸಮುದಾಯ ಆರೋಗ್ಯ ಕೇಂದ್ರ ಹಾಗೂ ಪ್ರಾಥಮಿಕ ಆರೋಗ್ಯ ಕೇಂದ್ರಗಳಲ್ಲಿ ಕೆಳಕಂಡ ದಿನಾಂಕಗಳಂದು ಮಾನಸಿಕ ಆರೋಗ್ಯ ಶಿಬಿರವನ್ನು ಹಮ್ಮಿಕೊಳ್ಳಲಾಗಿದೆ ಎಂದು ಕಲಬುರಗಿ ಜಿಲ್ಲಾ ಮಾನಸಿಕ ಆರೋಗ್ಯ ಕಾರ್ಯಕ್ರಮ ಅಧಿಕಾರಿಗಳು ತಿಳಿಸಿದ್ದಾರೆ.

ತಪಾಸಣಾ ಶಿಬಿರದ ವಿವರ ಇಂತಿದೆ.

ಜನವರಿ 9 ರಂದು ಅಫಜಲಪುರ ತಾಲೂಕು ಸಾರ್ವಜನಿಕ ಆಸ್ಪತ್ರೆ, ಜನವರಿ 10 ರಂದು ಕಲಬುರಗಿ ಕೇಂದ್ರ ಕಾರಾಗೃಹ, ಜನವರಿ 13 ರಂದು ಚಿಂಚೋಳಿ ತಾಲೂಕು ಸಾರ್ವಜನಿಕ ಆಸ್ಪತ್ರೆ, ಜನವರಿ 16 ರಂದು ಜೇವರ್ಗಿ ತಾಲೂಕು ಸಾರ್ವಜನಿಕ ಆಸ್ಪತ್ರೆ, ಜನವರಿ 17 ರಂದು ಕಲಬುರಗಿ ಕೇಂದ್ರ ಕಾರಾಗೃಹ, ಜನವರಿ 20 ರಂದು ಚಿತ್ತಾಪುರ ಸಾರ್ವಜನಿಕ ತಾಲೂಕು ಆಸ್ಪತ್ರೆ, ಜನವರಿ 23 ರಂದು

ಕಾಳಗಿ ಸಮುದಾಯ ಆರೋಗ್ಯ ಕೇಂದ್ರ, ಜನವರಿ 24 ರಂದು ಕಲಬುರಗಿ ಕೇಂದ್ರ ಕಾರಾಗೃಹ ಹಾಗೂ ಜನವರಿ 27 ರಂದು ಸೇಡಂ ತಾಲೂಕು ಸಾರ್ವಜನಿಕ ಆಸ್ಪತ್ರೆ.

ಮಾನಸಿಕ ಕಾಯಿಲೆಗಳ ಲಕ್ಷಣಗಳನ್ನು ಹೊಂದಿರುವ ವ್ಯಕ್ತಿಗಳನ್ನು ಸಮುದಾಯದಲ್ಲಿ ಗುರುತಿಸಿ ಅವರನ್ನು ಈ ಶಿಬಿರ ನಡೆಯುವ ದಿನಾಂಕದಂದು ಕರೆತಂದು ತಜ್ಞರಿಗೆ ತೋರಿಸಿ ಚಿಕಿತ್ಸೆ ಕೊಡಿಸಬೇಕು ಅವರು ತಿಳಿಸಿದ್ದಾರೆ.
